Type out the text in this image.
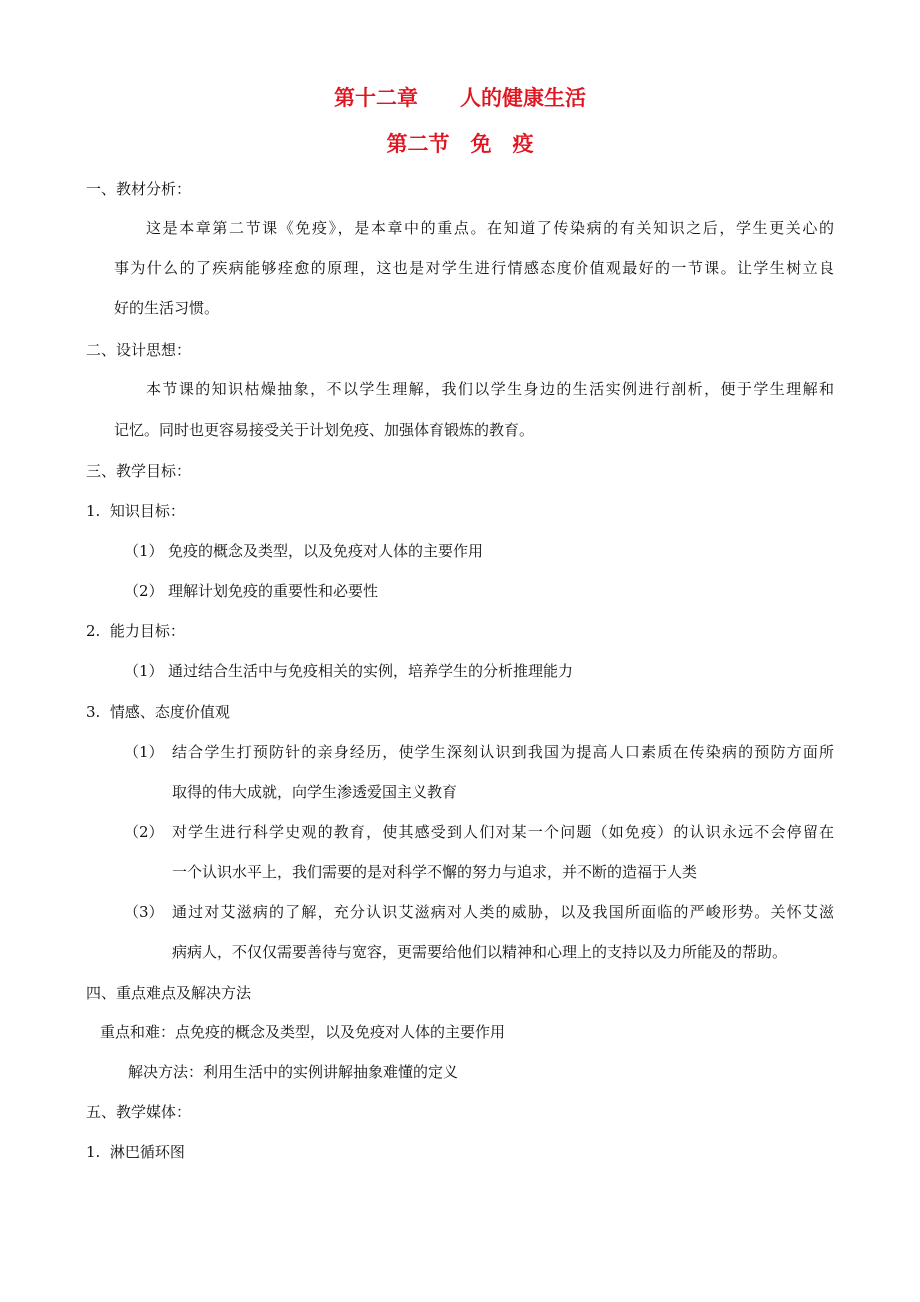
第十二章　　人的健康生活
第二节　免　疫
一、教材分析：
这是本章第二节课《免疫》，是本章中的重点。在知道了传染病的有关知识之后，学生更关心的
事为什么的了疾病能够痊愈的原理，这也是对学生进行情感态度价值观最好的一节课。让学生树立良
好的生活习惯。
二、设计思想：
本节课的知识枯燥抽象，不以学生理解，我们以学生身边的生活实例进行剖析，便于学生理解和
记忆。同时也更容易接受关于计划免疫、加强体育锻炼的教育。
三、教学目标：
1.  知识目标：
（1） 免疫的概念及类型，以及免疫对人体的主要作用
（2） 理解计划免疫的重要性和必要性
2.  能力目标：
（1） 通过结合生活中与免疫相关的实例，培养学生的分析推理能力
3.  情感、态度价值观
（1） 结合学生打预防针的亲身经历，使学生深刻认识到我国为提高人口素质在传染病的预防方面所
取得的伟大成就，向学生渗透爱国主义教育
（2） 对学生进行科学史观的教育，使其感受到人们对某一个问题（如免疫）的认识永远不会停留在
一个认识水平上，我们需要的是对科学不懈的努力与追求，并不断的造福于人类
（3） 通过对艾滋病的了解，充分认识艾滋病对人类的威胁，以及我国所面临的严峻形势。关怀艾滋
病病人，不仅仅需要善待与宽容，更需要给他们以精神和心理上的支持以及力所能及的帮助。
四、重点难点及解决方法
重点和难：点免疫的概念及类型，以及免疫对人体的主要作用
解决方法：利用生活中的实例讲解抽象难懂的定义
五、教学媒体：
1.  淋巴循环图
